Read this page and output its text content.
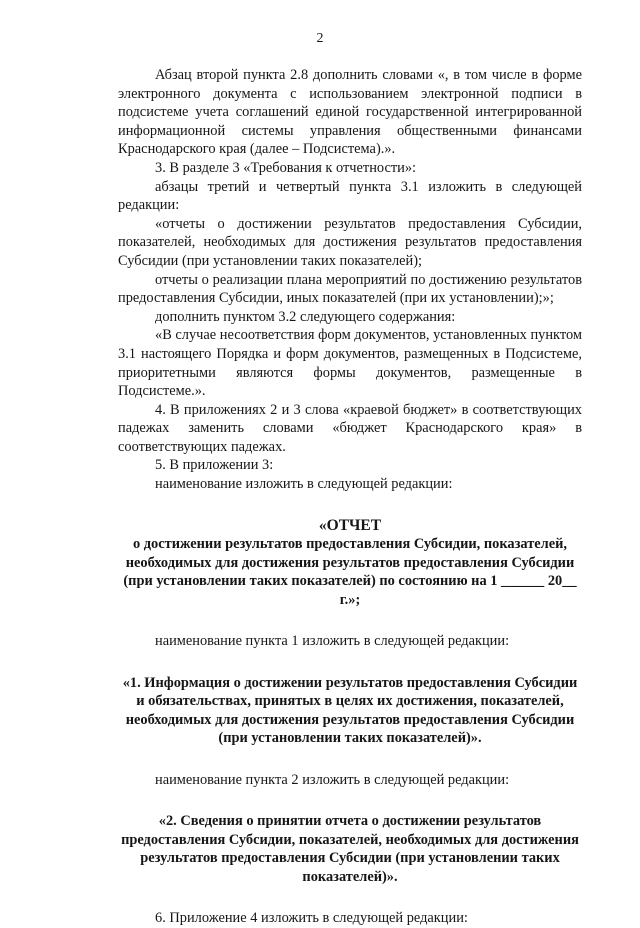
2

Абзац второй пункта 2.8 дополнить словами «, в том числе в форме электронного документа с использованием электронной подписи в подсистеме учета соглашений единой государственной интегрированной информационной системы управления общественными финансами Краснодарского края (далее – Подсистема).».

3. В разделе 3 «Требования к отчетности»:

абзацы третий и четвертый пункта 3.1 изложить в следующей редакции:

«отчеты о достижении результатов предоставления Субсидии, показателей, необходимых для достижения результатов предоставления Субсидии (при установлении таких показателей);

отчеты о реализации плана мероприятий по достижению результатов предоставления Субсидии, иных показателей (при их установлении);»;

дополнить пунктом 3.2 следующего содержания:

«В случае несоответствия форм документов, установленных пунктом 3.1 настоящего Порядка и форм документов, размещенных в Подсистеме, приоритетными являются формы документов, размещенные в Подсистеме.».

4. В приложениях 2 и 3 слова «краевой бюджет» в соответствующих падежах заменить словами «бюджет Краснодарского края» в соответствующих падежах.

5. В приложении 3:

наименование изложить в следующей редакции:

«ОТЧЕТ
о достижении результатов предоставления Субсидии, показателей,
необходимых для достижения результатов предоставления Субсидии
(при установлении таких показателей) по состоянию на 1 ______ 20__ г.»;

наименование пункта 1 изложить в следующей редакции:

«1. Информация о достижении результатов предоставления Субсидии
и обязательствах, принятых в целях их достижения, показателей,
необходимых для достижения результатов предоставления Субсидии
(при установлении таких показателей)».

наименование пункта 2 изложить в следующей редакции:

«2. Сведения о принятии отчета о достижении результатов
предоставления Субсидии, показателей, необходимых для достижения
результатов предоставления Субсидии (при установлении таких
показателей)».

6. Приложение 4 изложить в следующей редакции:
